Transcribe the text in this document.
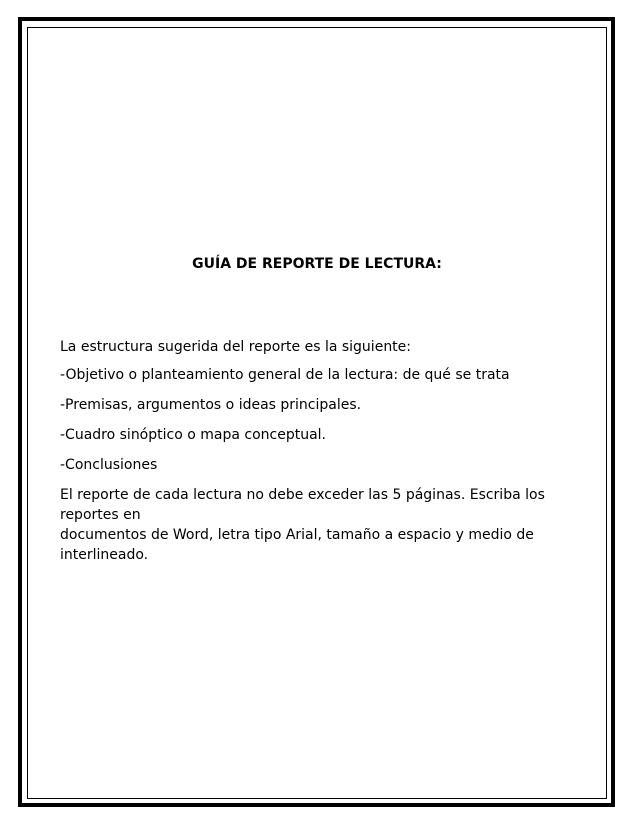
GUÍA DE REPORTE DE LECTURA:
La estructura sugerida del reporte es la siguiente:
-Objetivo o planteamiento general de la lectura: de qué se trata
-Premisas, argumentos o ideas principales.
-Cuadro sinóptico o mapa conceptual.
-Conclusiones
El reporte de cada lectura no debe exceder las 5 páginas. Escriba los reportes en
documentos de Word, letra tipo Arial, tamaño a espacio y medio de interlineado.
